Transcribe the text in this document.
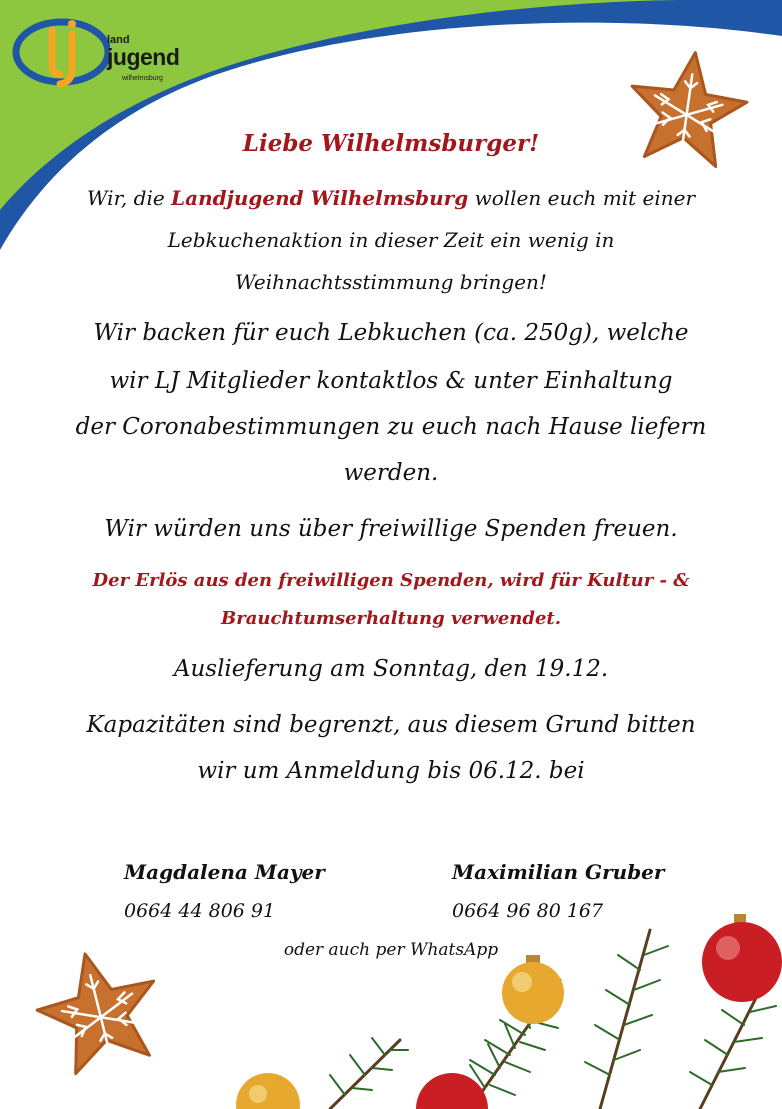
land
jugend
wilhelmsburg
Liebe Wilhelmsburger!
Wir, die Landjugend Wilhelmsburg wollen euch mit einer
Lebkuchenaktion in dieser Zeit ein wenig in
Weihnachtsstimmung bringen!
Wir backen für euch Lebkuchen (ca. 250g), welche
wir LJ Mitglieder kontaktlos & unter Einhaltung
der Coronabestimmungen zu euch nach Hause liefern
werden.
Wir würden uns über freiwillige Spenden freuen.
Der Erlös aus den freiwilligen Spenden, wird für Kultur - &
Brauchtumserhaltung verwendet.
Auslieferung am Sonntag, den 19.12.
Kapazitäten sind begrenzt, aus diesem Grund bitten
wir um Anmeldung bis 06.12. bei
Magdalena Mayer
0664 44 806 91
Maximilian Gruber
0664 96 80 167
oder auch per WhatsApp
